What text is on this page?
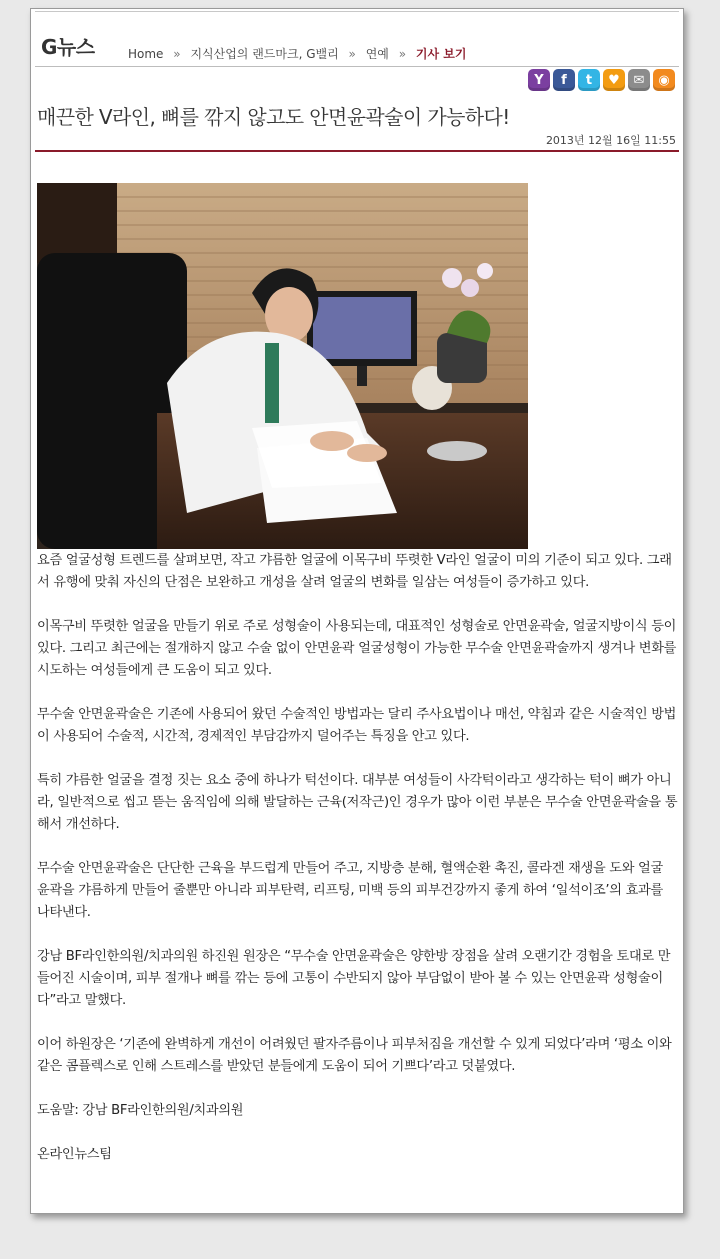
G뉴스	Home » 지식산업의 랜드마크, G밸리 » 연예 » 기사 보기
Y	f	t	♥	✉	◉
매끈한 V라인, 뼈를 깎지 않고도 안면윤곽술이 가능하다!
2013년 12월 16일 11:55

요즘 얼굴성형 트렌드를 살펴보면, 작고 갸름한 얼굴에 이목구비 뚜렷한 V라인 얼굴이 미의 기준이 되고 있다. 그래서 유행에 맞춰 자신의 단점은 보완하고 개성을 살려 얼굴의 변화를 일삼는 여성들이 증가하고 있다.

이목구비 뚜렷한 얼굴을 만들기 위로 주로 성형술이 사용되는데, 대표적인 성형술로 안면윤곽술, 얼굴지방이식 등이 있다. 그리고 최근에는 절개하지 않고 수술 없이 안면윤곽 얼굴성형이 가능한 무수술 안면윤곽술까지 생겨나 변화를 시도하는 여성들에게 큰 도움이 되고 있다.

무수술 안면윤곽술은 기존에 사용되어 왔던 수술적인 방법과는 달리 주사요법이나 매선, 약침과 같은 시술적인 방법이 사용되어 수술적, 시간적, 경제적인 부담감까지 덜어주는 특징을 안고 있다.

특히 갸름한 얼굴을 결정 짓는 요소 중에 하나가 턱선이다. 대부분 여성들이 사각턱이라고 생각하는 턱이 뼈가 아니라, 일반적으로 씹고 뜯는 움직임에 의해 발달하는 근육(저작근)인 경우가 많아 이런 부분은 무수술 안면윤곽술을 통해서 개선하다.

무수술 안면윤곽술은 단단한 근육을 부드럽게 만들어 주고, 지방층 분해, 혈액순환 촉진, 콜라겐 재생을 도와 얼굴 윤곽을 갸름하게 만들어 줄뿐만 아니라 피부탄력, 리프팅, 미백 등의 피부건강까지 좋게 하여 ‘일석이조’의 효과를 나타낸다.

강남 BF라인한의원/치과의원 하진원 원장은 “무수술 안면윤곽술은 양한방 장점을 살려 오랜기간 경험을 토대로 만들어진 시술이며, 피부 절개나 뼈를 깎는 등에 고통이 수반되지 않아 부담없이 받아 볼 수 있는 안면윤곽 성형술이다”라고 말했다.

이어 하원장은 ‘기존에 완벽하게 개선이 어려웠던 팔자주름이나 피부처짐을 개선할 수 있게 되었다’라며 ‘평소 이와 같은 콤플렉스로 인해 스트레스를 받았던 분들에게 도움이 되어 기쁘다’라고 덧붙였다.

도움말: 강남 BF라인한의원/치과의원

온라인뉴스팀
